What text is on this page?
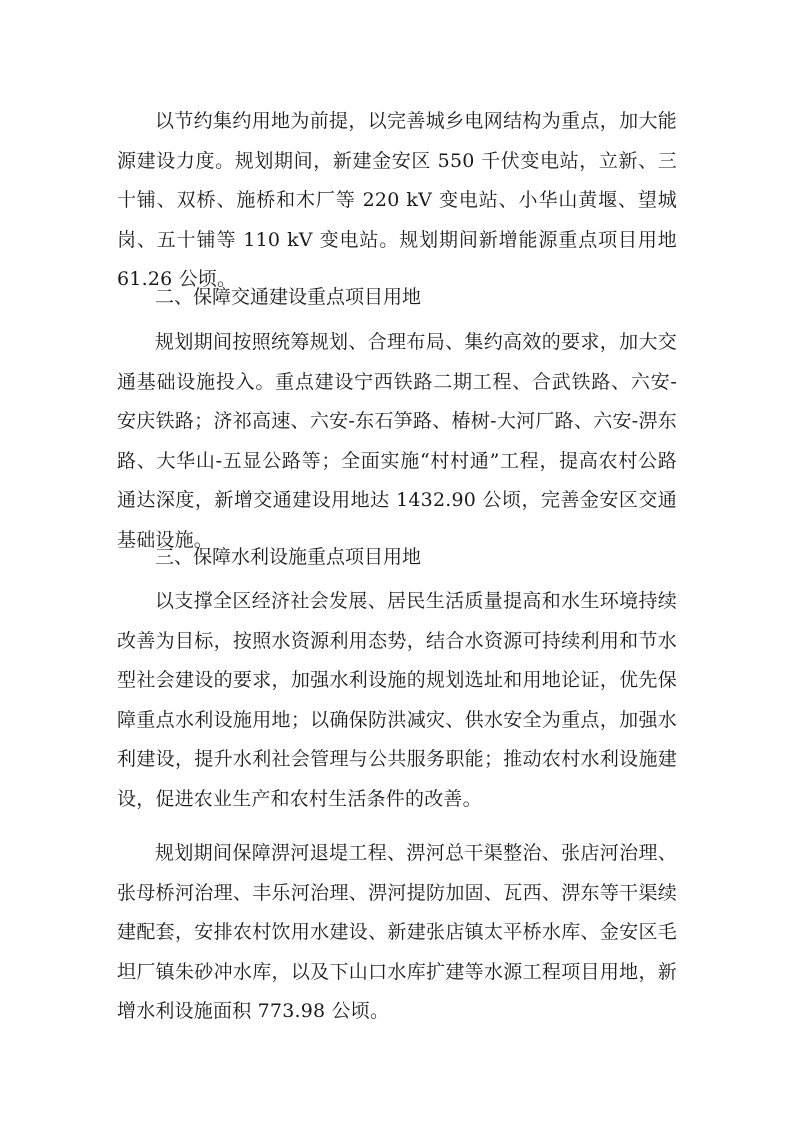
以节约集约用地为前提，以完善城乡电网结构为重点，加大能源建设力度。规划期间，新建金安区 550 千伏变电站，立新、三十铺、双桥、施桥和木厂等 220 kV 变电站、小华山黄堰、望城岗、五十铺等 110 kV 变电站。规划期间新增能源重点项目用地 61.26 公顷。

二、保障交通建设重点项目用地

规划期间按照统筹规划、合理布局、集约高效的要求，加大交通基础设施投入。重点建设宁西铁路二期工程、合武铁路、六安-安庆铁路；济祁高速、六安-东石笋路、椿树-大河厂路、六安-淠东路、大华山-五显公路等；全面实施“村村通”工程，提高农村公路通达深度，新增交通建设用地达 1432.90 公顷，完善金安区交通基础设施。

三、保障水利设施重点项目用地

以支撑全区经济社会发展、居民生活质量提高和水生环境持续改善为目标，按照水资源利用态势，结合水资源可持续利用和节水型社会建设的要求，加强水利设施的规划选址和用地论证，优先保障重点水利设施用地；以确保防洪减灾、供水安全为重点，加强水利建设，提升水利社会管理与公共服务职能；推动农村水利设施建设，促进农业生产和农村生活条件的改善。

规划期间保障淠河退堤工程、淠河总干渠整治、张店河治理、张母桥河治理、丰乐河治理、淠河提防加固、瓦西、淠东等干渠续建配套，安排农村饮用水建设、新建张店镇太平桥水库、金安区毛坦厂镇朱砂冲水库，以及下山口水库扩建等水源工程项目用地，新增水利设施面积 773.98 公顷。
